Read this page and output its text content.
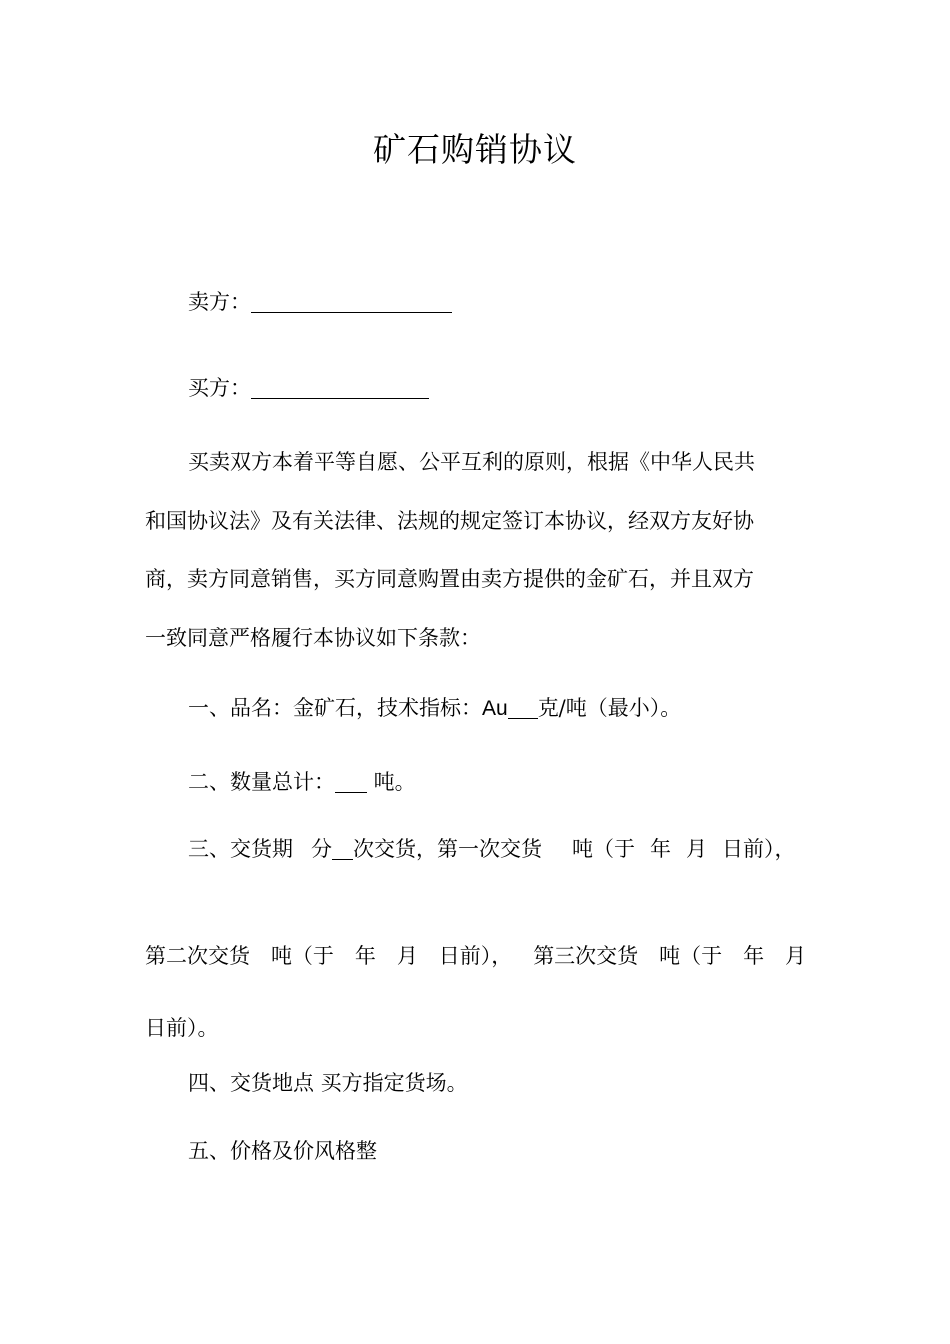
矿石购销协议
卖方：
买方：
买卖双方本着平等自愿、公平互利的原则，根据《中华人民共
和国协议法》及有关法律、法规的规定签订本协议，经双方友好协
商，卖方同意销售，买方同意购置由卖方提供的金矿石，并且双方
一致同意严格履行本协议如下条款：
一、品名：金矿石，技术指标：Au 克/吨（最小）。
二、数量总计： 吨。
三、交货期 分 次交货，第一次交货 吨（于 年 月 日前），
第二次交货 吨（于 年 月 日前）， 第三次交货 吨（于 年 月
日前）。
四、交货地点 买方指定货场。
五、价格及价风格整
